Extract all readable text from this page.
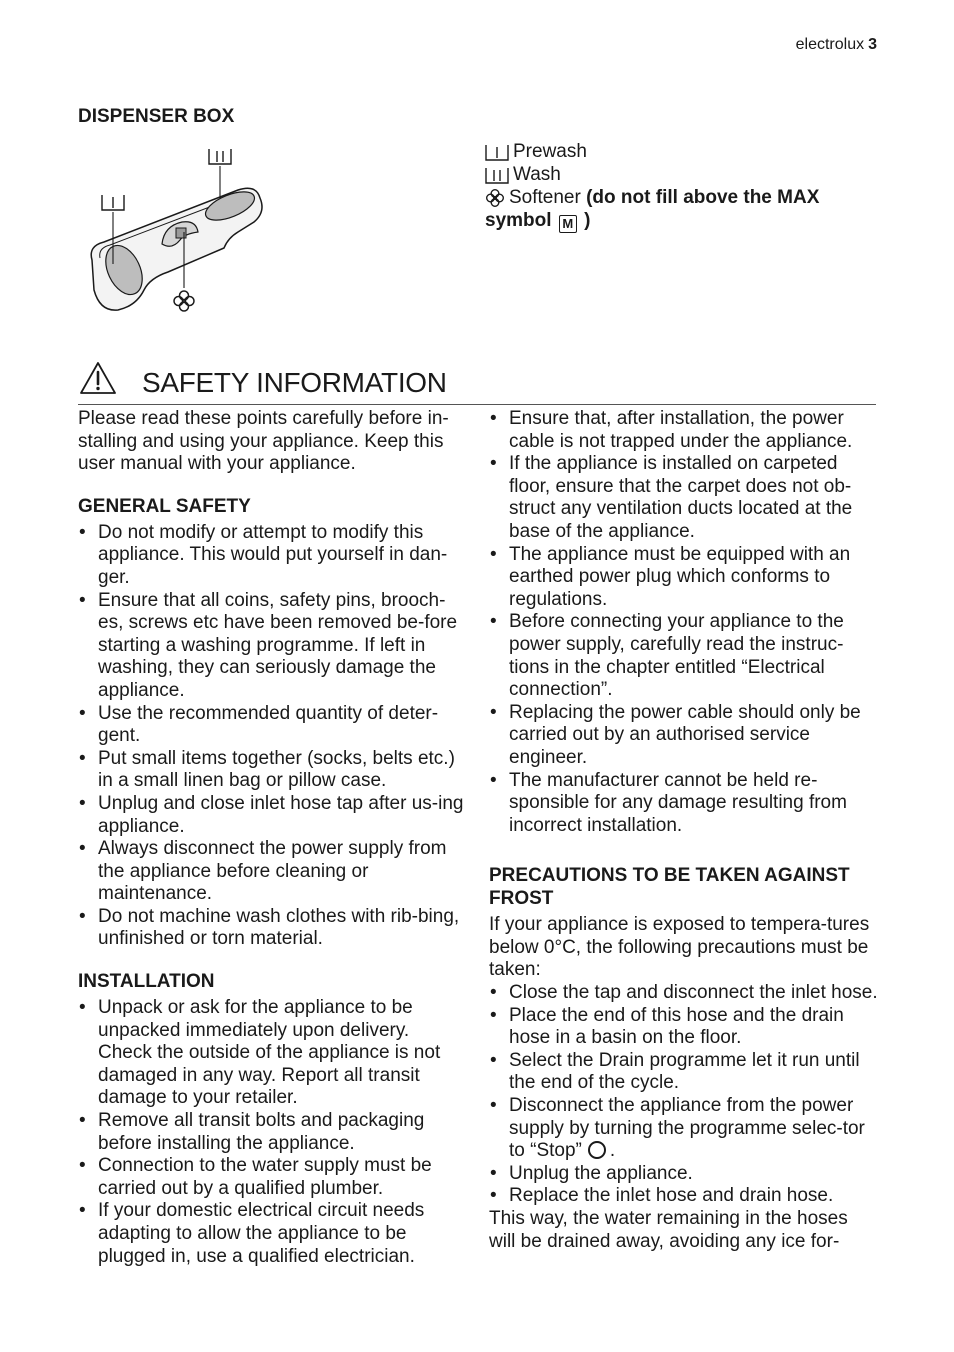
electrolux 3
DISPENSER BOX
Prewash
Wash
Softener (do not fill above the MAX
symbol M )
SAFETY INFORMATION

Please read these points carefully before in-stalling and using your appliance. Keep this user manual with your appliance.

GENERAL SAFETY
• Do not modify or attempt to modify this appliance. This would put yourself in dan-ger.
• Ensure that all coins, safety pins, brooch-es, screws etc have been removed be-fore starting a washing programme. If left in washing, they can seriously damage the appliance.
• Use the recommended quantity of deter-gent.
• Put small items together (socks, belts etc.) in a small linen bag or pillow case.
• Unplug and close inlet hose tap after us-ing appliance.
• Always disconnect the power supply from the appliance before cleaning or maintenance.
• Do not machine wash clothes with rib-bing, unfinished or torn material.
INSTALLATION
• Unpack or ask for the appliance to be unpacked immediately upon delivery. Check the outside of the appliance is not damaged in any way. Report all transit damage to your retailer.
• Remove all transit bolts and packaging before installing the appliance.
• Connection to the water supply must be carried out by a qualified plumber.
• If your domestic electrical circuit needs adapting to allow the appliance to be plugged in, use a qualified electrician.
• Ensure that, after installation, the power cable is not trapped under the appliance.
• If the appliance is installed on carpeted floor, ensure that the carpet does not ob-struct any ventilation ducts located at the base of the appliance.
• The appliance must be equipped with an earthed power plug which conforms to regulations.
• Before connecting your appliance to the power supply, carefully read the instruc-tions in the chapter entitled “Electrical connection”.
• Replacing the power cable should only be carried out by an authorised service engineer.
• The manufacturer cannot be held re-sponsible for any damage resulting from incorrect installation.
PRECAUTIONS TO BE TAKEN AGAINST FROST

If your appliance is exposed to tempera-tures below 0°C, the following precautions must be taken:

• Close the tap and disconnect the inlet hose.
• Place the end of this hose and the drain hose in a basin on the floor.
• Select the Drain programme let it run until the end of the cycle.
• Disconnect the appliance from the power supply by turning the programme selec-tor to “Stop” .
• Unplug the appliance.
• Replace the inlet hose and drain hose.

This way, the water remaining in the hoses will be drained away, avoiding any ice for-
